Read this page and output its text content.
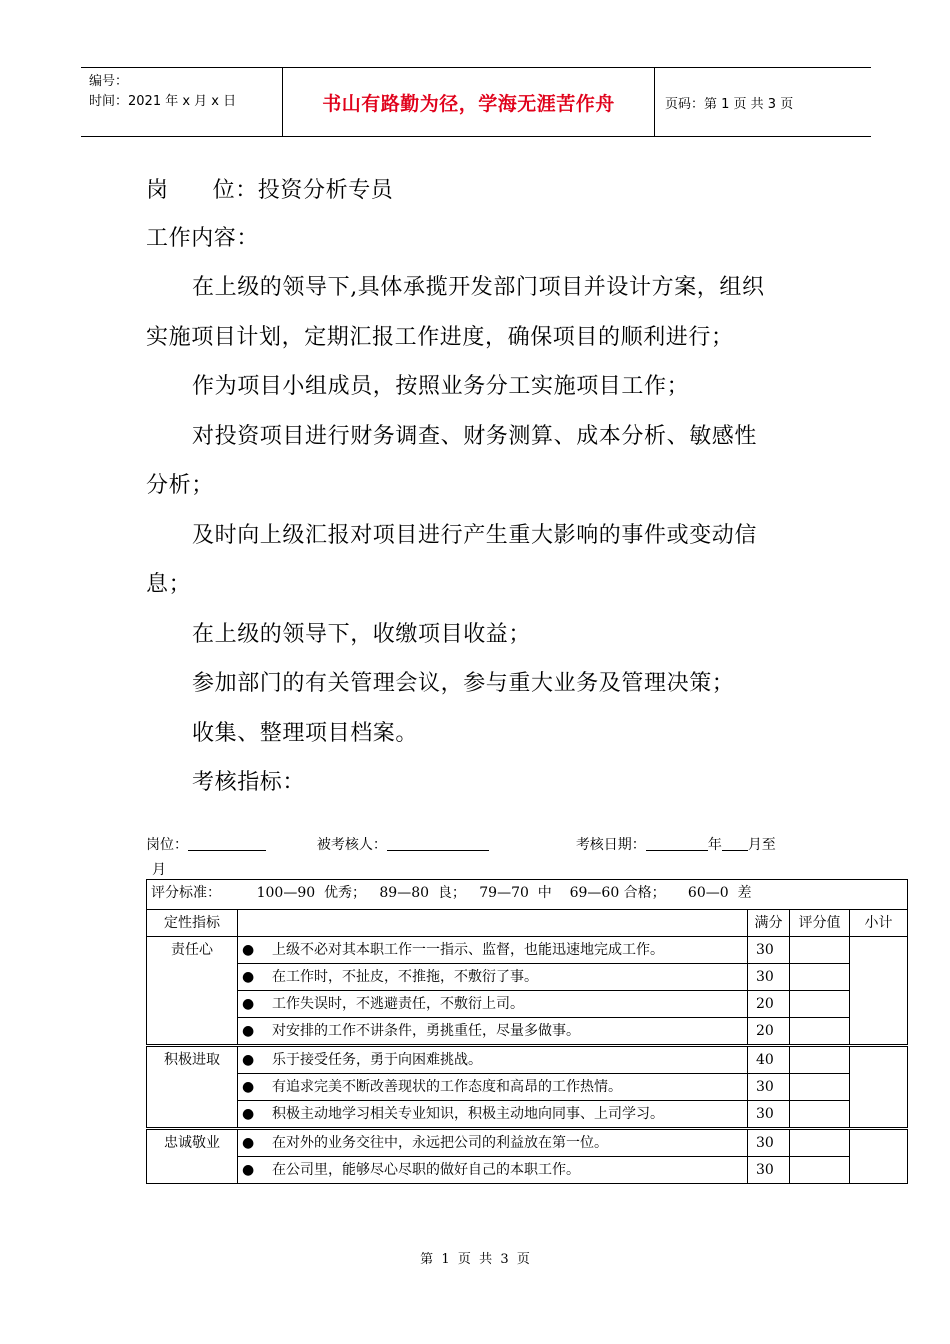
编号：
时间：2021 年 x 月 x 日	书山有路勤为径，学海无涯苦作舟	页码：第 1 页 共 3 页
岗 位：投资分析专员
工作内容：
在上级的领导下,具体承揽开发部门项目并设计方案，组织
实施项目计划，定期汇报工作进度，确保项目的顺利进行；
作为项目小组成员，按照业务分工实施项目工作；
对投资项目进行财务调查、财务测算、成本分析、敏感性
分析；
及时向上级汇报对项目进行产生重大影响的事件或变动信
息；
在上级的领导下，收缴项目收益；
参加部门的有关管理会议，参与重大业务及管理决策；
收集、整理项目档案。
考核指标：
岗位：	被考核人：	考核日期：	年 月至
月
评分标准：        100—90  优秀；   89—80  良；   79—70  中    69—60 合格；     60—0  差				
定性指标		满分	评分值	小计
责任心	● 上级不必对其本职工作一一指示、监督，也能迅速地完成工作。	30		

	● 在工作时，不扯皮，不推拖，不敷衍了事。	30		

	● 工作失误时，不逃避责任，不敷衍上司。	20		

	● 对安排的工作不讲条件，勇挑重任，尽量多做事。	20		
积极进取	● 乐于接受任务，勇于向困难挑战。	40		

	● 有追求完美不断改善现状的工作态度和高昂的工作热情。	30		

	● 积极主动地学习相关专业知识，积极主动地向同事、上司学习。	30		
忠诚敬业	● 在对外的业务交往中，永远把公司的利益放在第一位。	30		

	● 在公司里，能够尽心尽职的做好自己的本职工作。	30		
第  1  页  共  3  页
